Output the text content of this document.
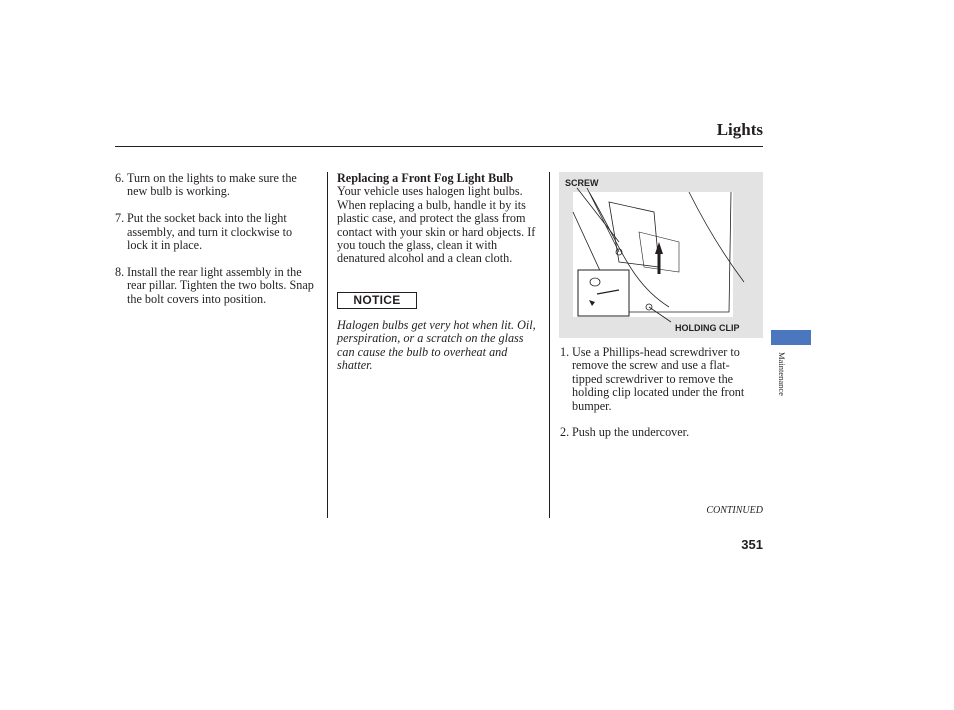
Lights
6. Turn on the lights to make sure the new bulb is working.
7. Put the socket back into the light assembly, and turn it clockwise to lock it in place.
8. Install the rear light assembly in the rear pillar. Tighten the two bolts. Snap the bolt covers into position.
Replacing a Front Fog Light Bulb
Your vehicle uses halogen light bulbs. When replacing a bulb, handle it by its plastic case, and protect the glass from contact with your skin or hard objects. If you touch the glass, clean it with denatured alcohol and a clean cloth.
NOTICE
Halogen bulbs get very hot when lit. Oil, perspiration, or a scratch on the glass can cause the bulb to overheat and shatter.
SCREW
HOLDING CLIP
1. Use a Phillips-head screwdriver to remove the screw and use a flat-tipped screwdriver to remove the holding clip located under the front bumper.
2. Push up the undercover.
Maintenance
CONTINUED
351
